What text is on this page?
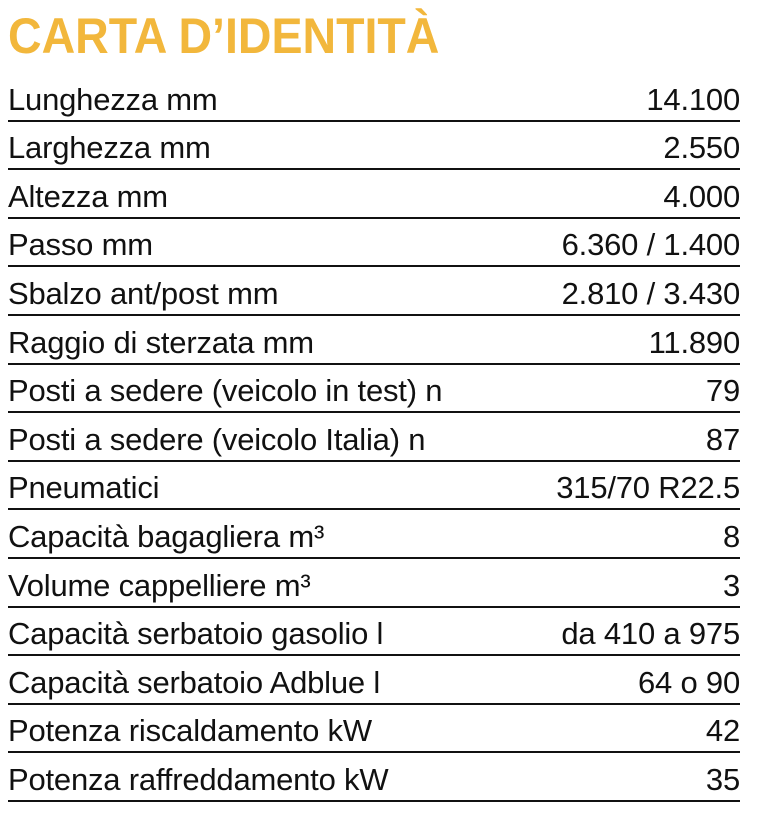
CARTA D’IDENTITÀ
Lunghezza mm	14.100
Larghezza mm	2.550
Altezza mm	4.000
Passo mm	6.360 / 1.400
Sbalzo ant/post mm	2.810 / 3.430
Raggio di sterzata mm	11.890
Posti a sedere (veicolo in test) n	79
Posti a sedere (veicolo Italia) n	87
Pneumatici	315/70 R22.5
Capacità bagagliera m³	8
Volume cappelliere m³	3
Capacità serbatoio gasolio l	da 410 a 975
Capacità serbatoio Adblue l	64 o 90
Potenza riscaldamento kW	42
Potenza raffreddamento kW	35
